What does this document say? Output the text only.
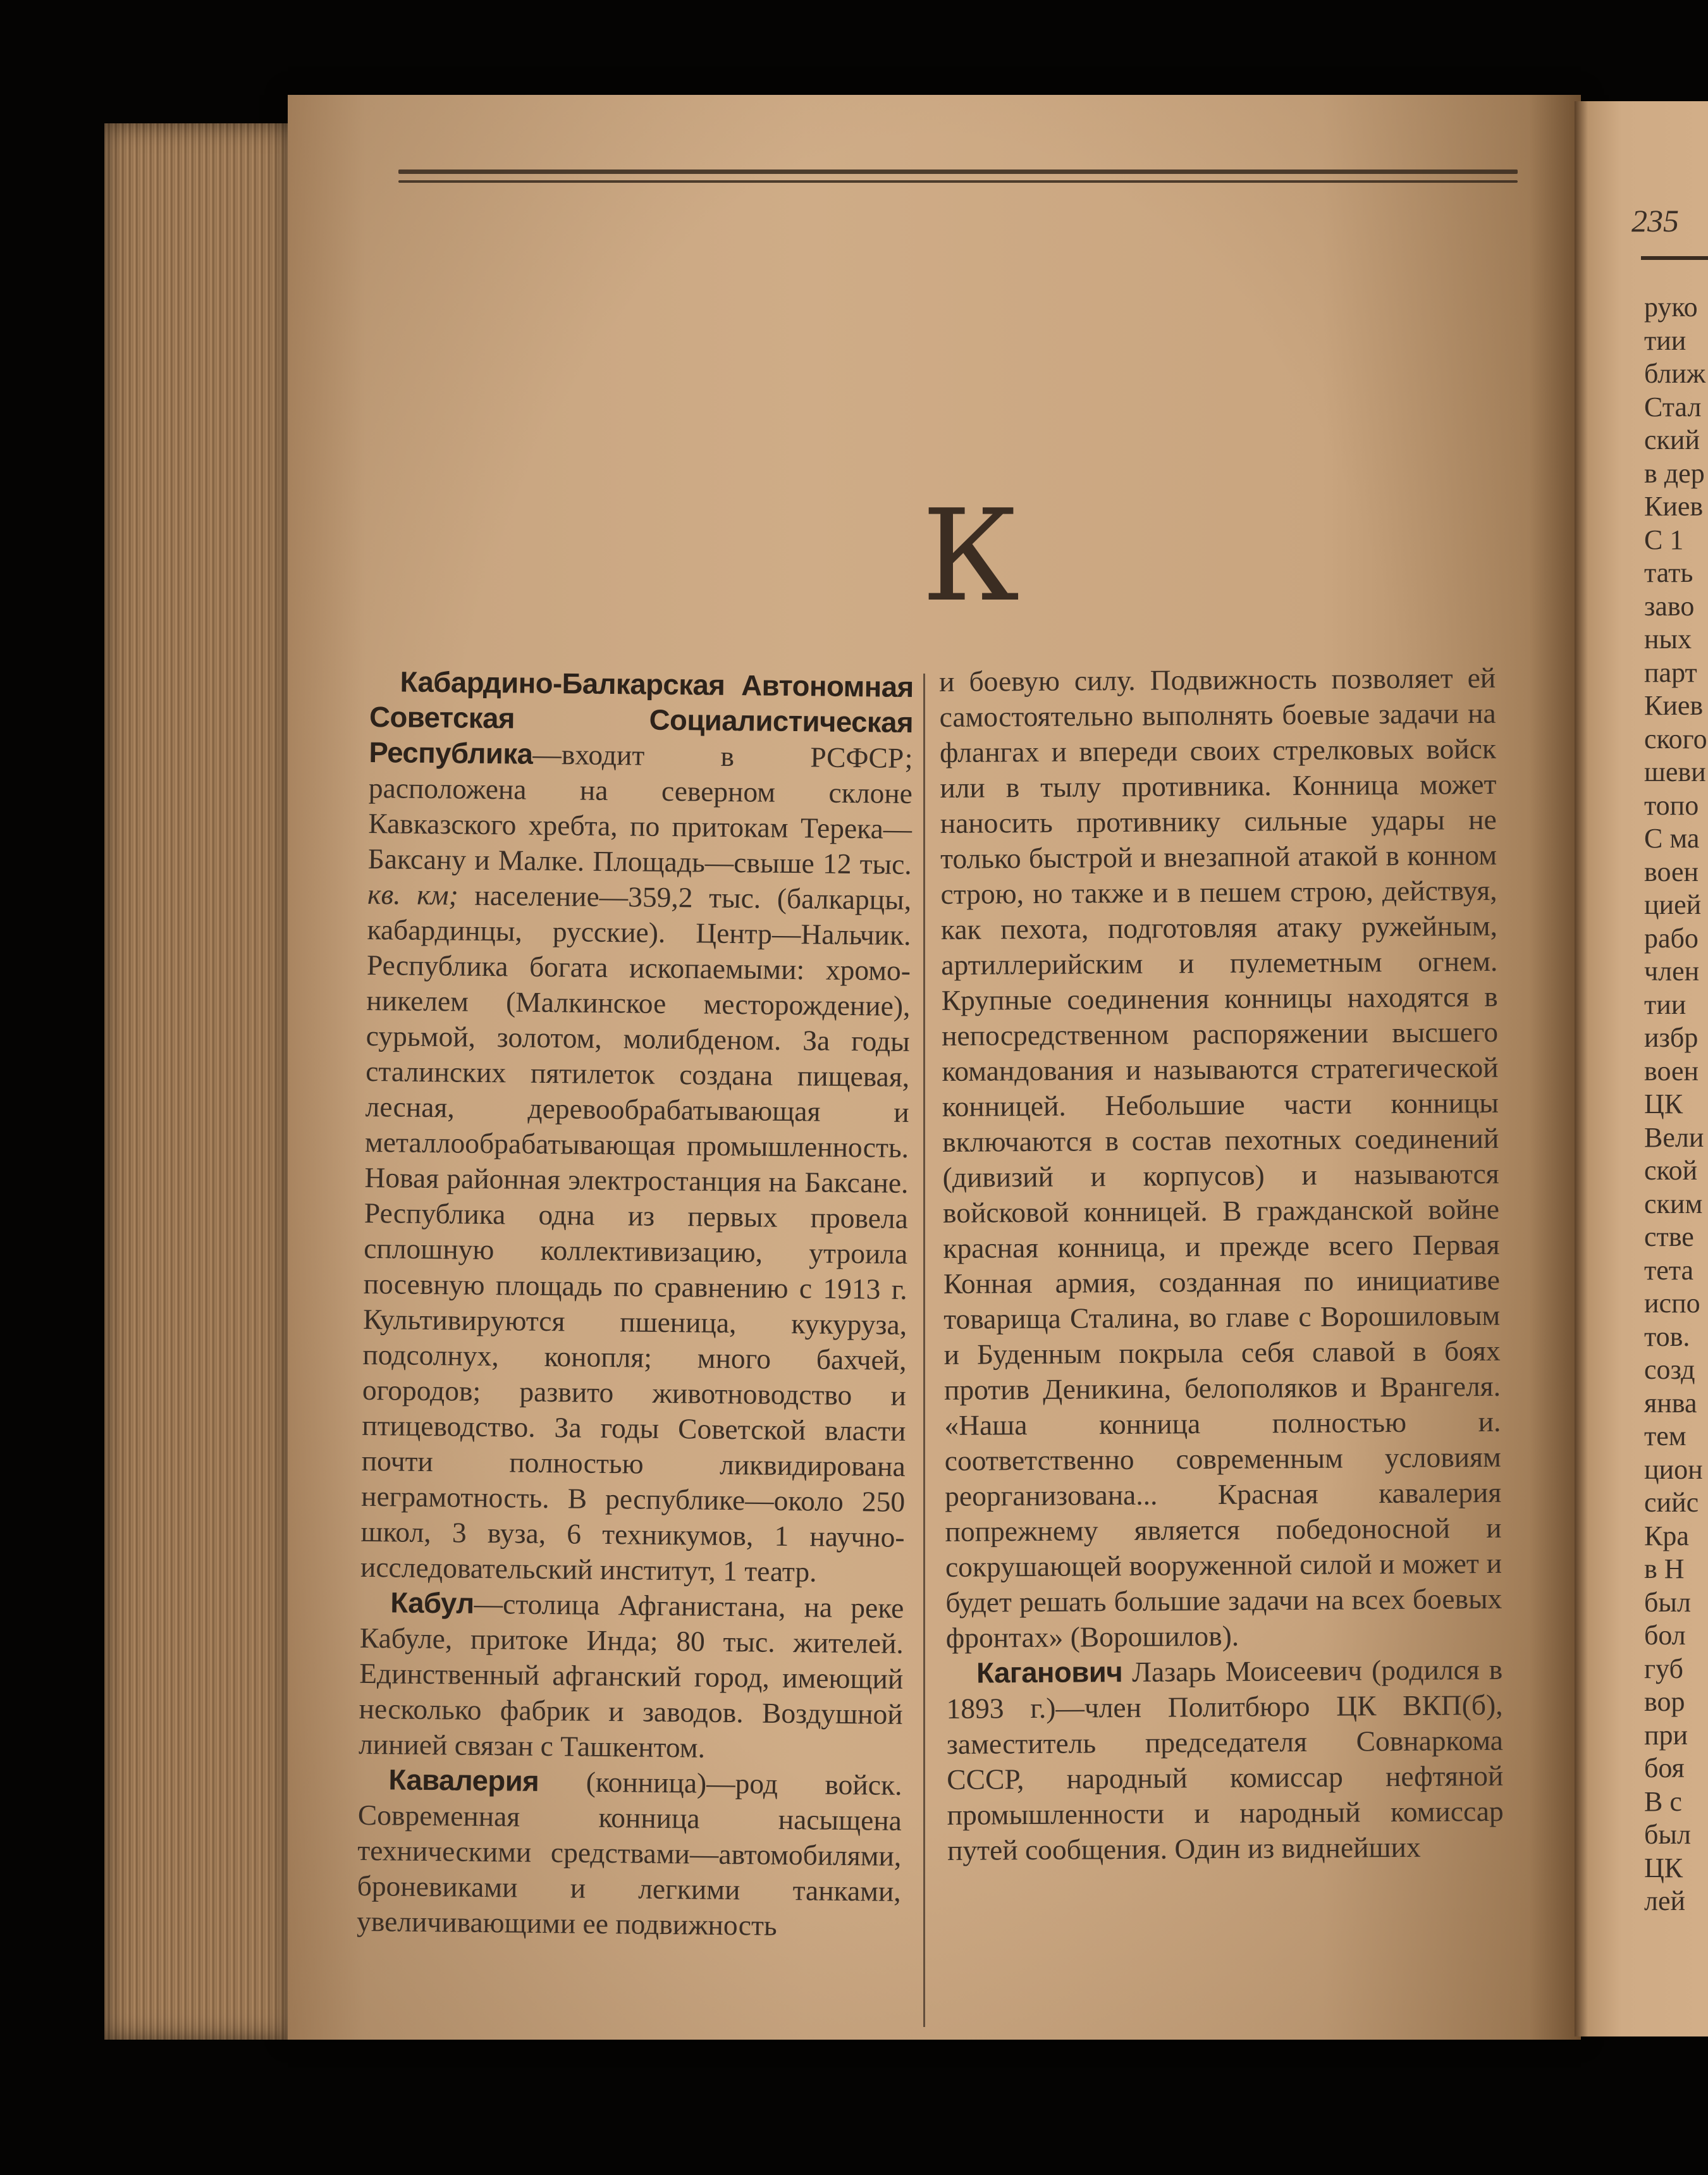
К

Кабардино-Балкарская Автономная Советская Социалистическая Республика—входит в РСФСР; расположена на северном склоне Кавказского хребта, по притокам Терека—Баксану и Малке. Площадь—свыше 12 тыс. кв. км; население—359,2 тыс. (балкарцы, кабардинцы, русские). Центр—Нальчик. Республика богата ископаемыми: хромо-никелем (Малкинское месторождение), сурьмой, золотом, молибденом. За годы сталинских пятилеток создана пищевая, лесная, деревообрабатывающая и металлообрабатывающая промышленность. Новая районная электростанция на Баксане. Республика одна из первых провела сплошную коллективизацию, утроила посевную площадь по сравнению с 1913 г. Культивируются пшеница, кукуруза, подсолнух, конопля; много бахчей, огородов; развито животноводство и птицеводство. За годы Советской власти почти полностью ликвидирована неграмотность. В республике—около 250 школ, 3 вуза, 6 техникумов, 1 научно-исследовательский институт, 1 театр.

Кабул—столица Афганистана, на реке Кабуле, притоке Инда; 80 тыс. жителей. Единственный афганский город, имеющий несколько фабрик и заводов. Воздушной линией связан с Ташкентом.

Кавалерия (конница)—род войск. Современная конница насыщена техническими средствами—автомобилями, броневиками и легкими танками, увеличивающими ее подвижность

и боевую силу. Подвижность позволяет ей самостоятельно выполнять боевые задачи на флангах и впереди своих стрелковых войск или в тылу противника. Конница может наносить противнику сильные удары не только быстрой и внезапной атакой в конном строю, но также и в пешем строю, действуя, как пехота, подготовляя атаку ружейным, артиллерийским и пулеметным огнем. Крупные соединения конницы находятся в непосредственном распоряжении высшего командования и называются стратегической конницей. Небольшие части конницы включаются в состав пехотных соединений (дивизий и корпусов) и называются войсковой конницей. В гражданской войне красная конница, и прежде всего Первая Конная армия, созданная по инициативе товарища Сталина, во главе с Ворошиловым и Буденным покрыла себя славой в боях против Деникина, белополяков и Врангеля. «Наша конница полностью и. соответственно современным условиям реорганизована... Красная кавалерия попрежнему является победоносной и сокрушающей вооруженной силой и может и будет решать большие задачи на всех боевых фронтах» (Ворошилов).

Каганович Лазарь Моисеевич (родился в 1893 г.)—член Политбюро ЦК ВКП(б), заместитель председателя Совнаркома СССР, народный комиссар нефтяной промышленности и народный комиссар путей сообщения. Один из виднейших

235
руко
тии
ближ
Стал
ский
в дер
Киев
С 1
тать
заво
ных
парт
Киев
ского
шеви
топо
С ма
воен
цией
рабо
член
тии
избр
воен
ЦК
Вели
ской
ским
стве
тета
испо
тов.
созд
янва
тем
цион
сийс
Кра
в Н
был
бол
губ
вор
при
боя
В с
был
ЦК
лей
